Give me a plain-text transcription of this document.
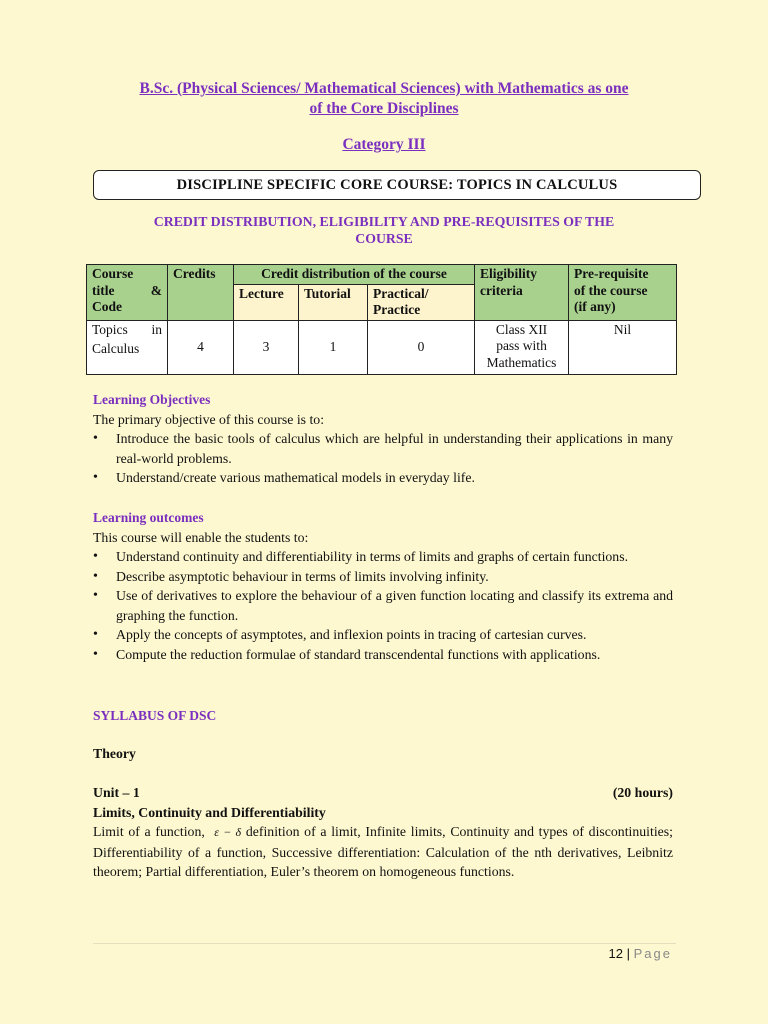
B.Sc. (Physical Sciences/ Mathematical Sciences) with Mathematics as one
of the Core Disciplines
Category III
DISCIPLINE SPECIFIC CORE COURSE: TOPICS IN CALCULUS
CREDIT DISTRIBUTION, ELIGIBILITY AND PRE-REQUISITES OF THE
COURSE
Course

title &
Code	Credits	Credit distribution of the course			Eligibility
criteria	Pre-requisite
of the course
(if any)
		Lecture	Tutorial	Practical/
Practice		

Topics in
Calculus	4	3	1	0	Class XII
pass with
Mathematics	Nil
Learning Objectives
The primary objective of this course is to:
• Introduce the basic tools of calculus which are helpful in understanding their applications in many real-world problems.
• Understand/create various mathematical models in everyday life.
Learning outcomes
This course will enable the students to:
• Understand continuity and differentiability in terms of limits and graphs of certain functions.
• Describe asymptotic behaviour in terms of limits involving infinity.
• Use of derivatives to explore the behaviour of a given function locating and classify its extrema and graphing the function.
• Apply the concepts of asymptotes, and inflexion points in tracing of cartesian curves.
• Compute the reduction formulae of standard transcendental functions with applications.
SYLLABUS OF DSC
Theory
Unit – 1	(20 hours)
Limits, Continuity and Differentiability
Limit of a function, ε − δ definition of a limit, Infinite limits, Continuity and types of discontinuities; Differentiability of a function, Successive differentiation: Calculation of the nth derivatives, Leibnitz theorem; Partial differentiation, Euler’s theorem on homogeneous functions.
12 | Page
